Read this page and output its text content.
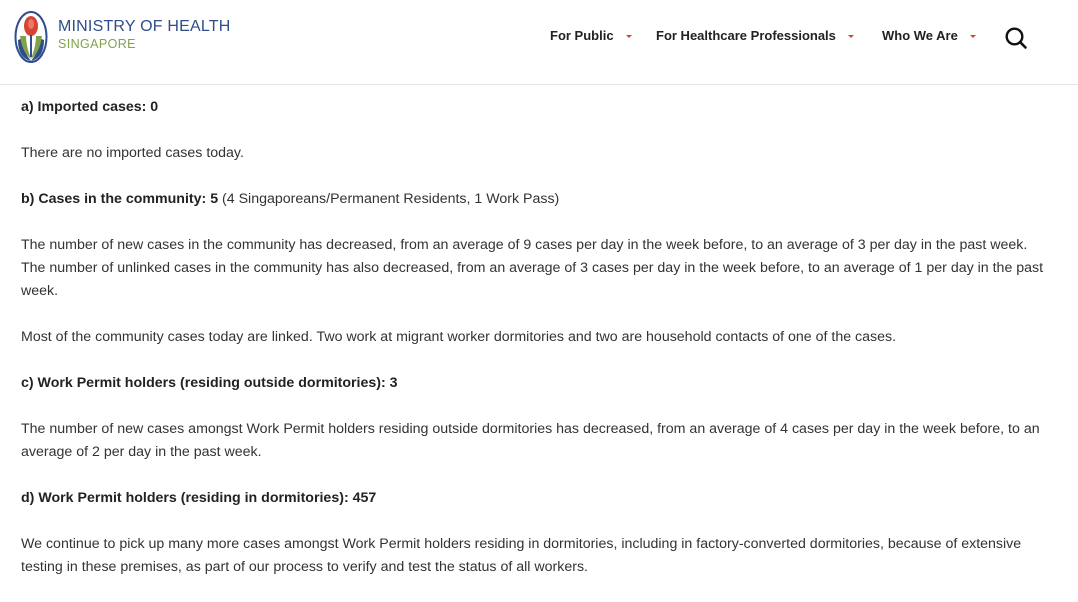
MINISTRY OF HEALTH
SINGAPORE
For Public	For Healthcare Professionals	Who We Are

a) Imported cases: 0

There are no imported cases today.

b) Cases in the community: 5 (4 Singaporeans/Permanent Residents, 1 Work Pass)

The number of new cases in the community has decreased, from an average of 9 cases per day in the week before, to an average of 3 per day in the past week. The number of unlinked cases in the community has also decreased, from an average of 3 cases per day in the week before, to an average of 1 per day in the past week.

Most of the community cases today are linked. Two work at migrant worker dormitories and two are household contacts of one of the cases.

c) Work Permit holders (residing outside dormitories): 3

The number of new cases amongst Work Permit holders residing outside dormitories has decreased, from an average of 4 cases per day in the week before, to an average of 2 per day in the past week.

d) Work Permit holders (residing in dormitories): 457

We continue to pick up many more cases amongst Work Permit holders residing in dormitories, including in factory-converted dormitories, because of extensive testing in these premises, as part of our process to verify and test the status of all workers.
